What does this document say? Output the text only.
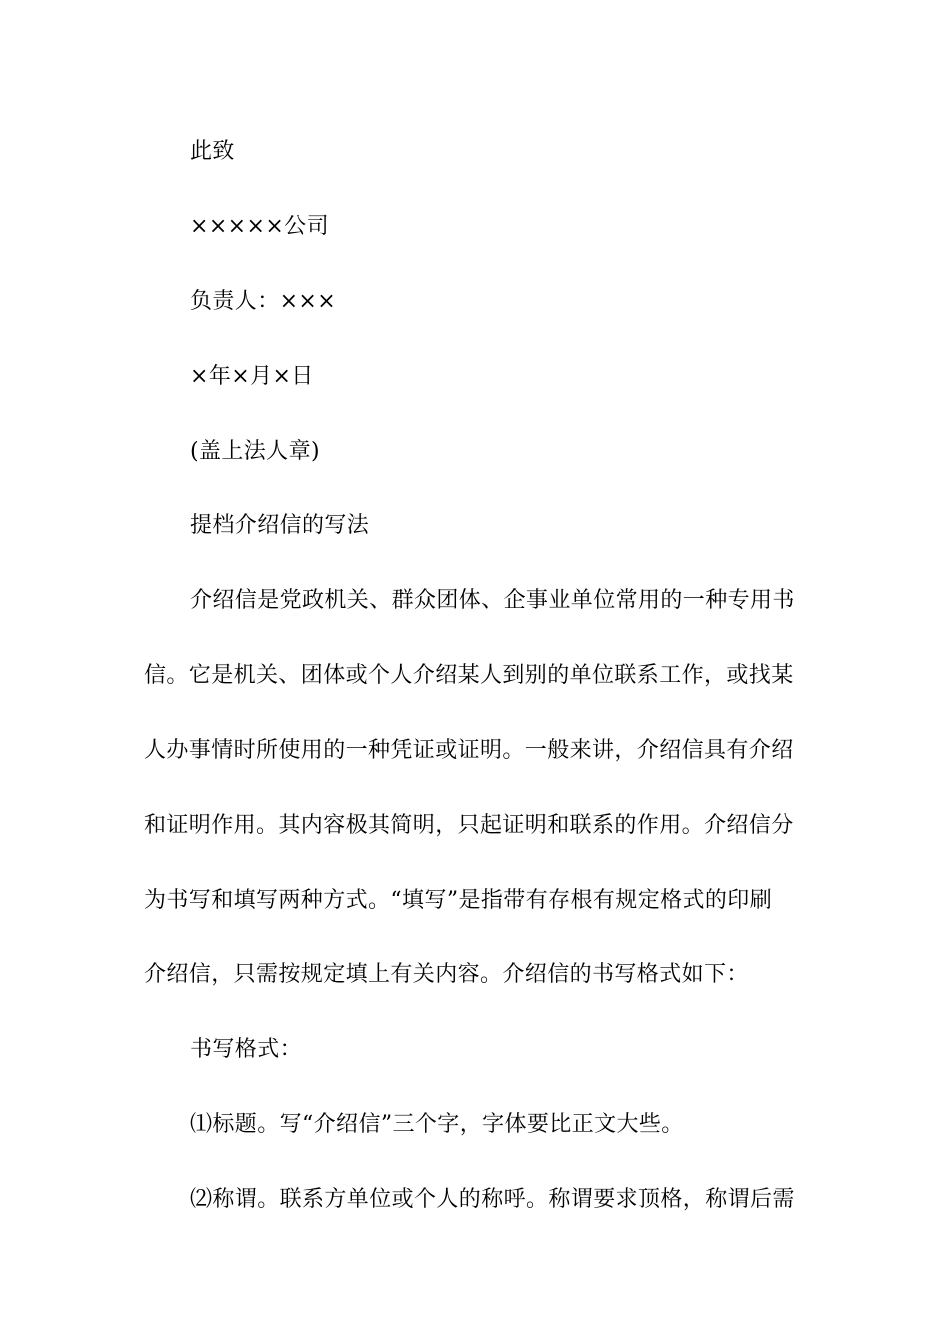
此致
×××××公司
负责人：×××
×年×月×日
(盖上法人章)
提档介绍信的写法
介绍信是党政机关、群众团体、企事业单位常用的一种专用书
信。它是机关、团体或个人介绍某人到别的单位联系工作，或找某
人办事情时所使用的一种凭证或证明。一般来讲，介绍信具有介绍
和证明作用。其内容极其简明，只起证明和联系的作用。介绍信分
为书写和填写两种方式。“填写”是指带有存根有规定格式的印刷
介绍信，只需按规定填上有关内容。介绍信的书写格式如下：
书写格式：
⑴标题。写“介绍信”三个字，字体要比正文大些。
⑵称谓。联系方单位或个人的称呼。称谓要求顶格，称谓后需
